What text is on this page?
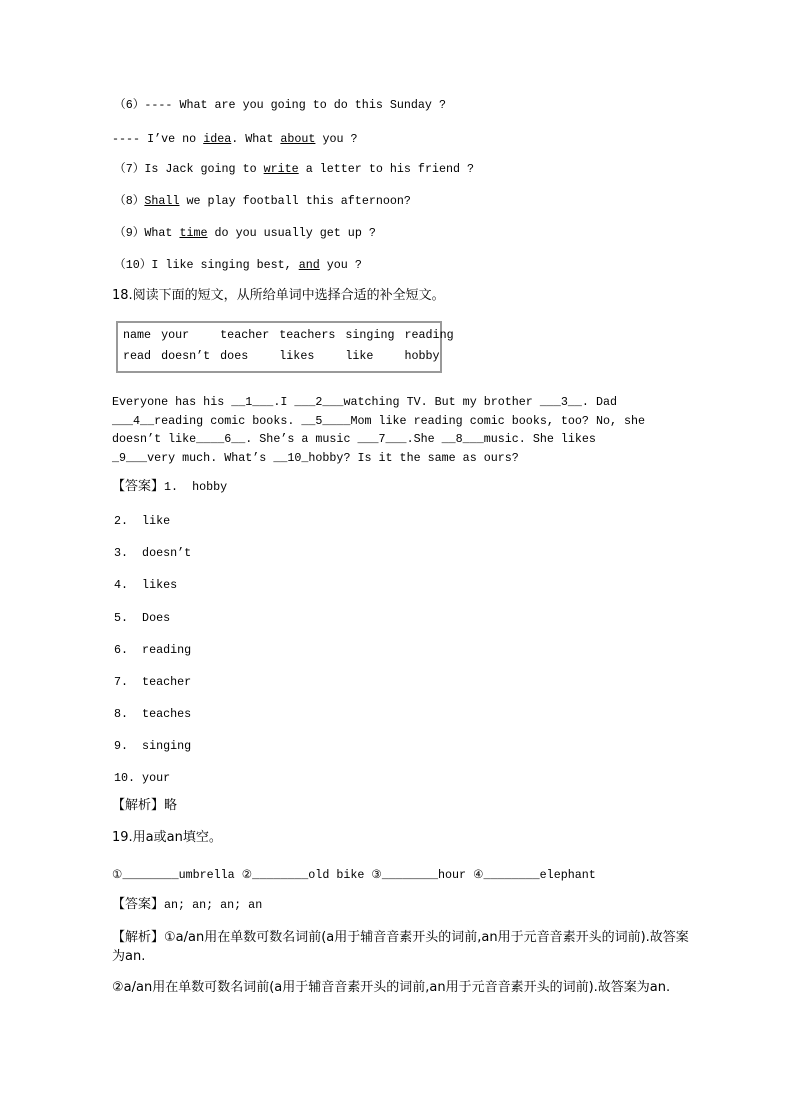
（6）---- What are you going to do this Sunday ?
---- I’ve no idea. What about you ?
（7）Is Jack going to write a letter to his friend ?
（8）Shall we play football this afternoon?
（9）What time do you usually get up ?
（10）I like singing best, and you ?
18.阅读下面的短文，从所给单词中选择合适的补全短文。
name	your	teacher	teachers	singing	reading
read	doesn’t	does	likes	like	hobby
Everyone has his __1___.I ___2___watching TV. But my brother ___3__. Dad
___4__reading comic books. __5____Mom like reading comic books, too? No, she
doesn’t like____6__. She’s a music ___7___.She __8___music. She likes
_9___very much. What’s __10_hobby? Is it the same as ours?
【答案】1.  hobby
2.  like
3.  doesn’t
4.  likes
5.  Does
6.  reading
7.  teacher
8.  teaches
9.  singing
10. your
【解析】略
19.用a或an填空。
①________umbrella ②________old bike ③________hour ④________elephant
【答案】an; an; an; an
【解析】①a/an用在单数可数名词前(a用于辅音音素开头的词前,an用于元音音素开头的词前).故答案为an.
②a/an用在单数可数名词前(a用于辅音音素开头的词前,an用于元音音素开头的词前).故答案为an.
